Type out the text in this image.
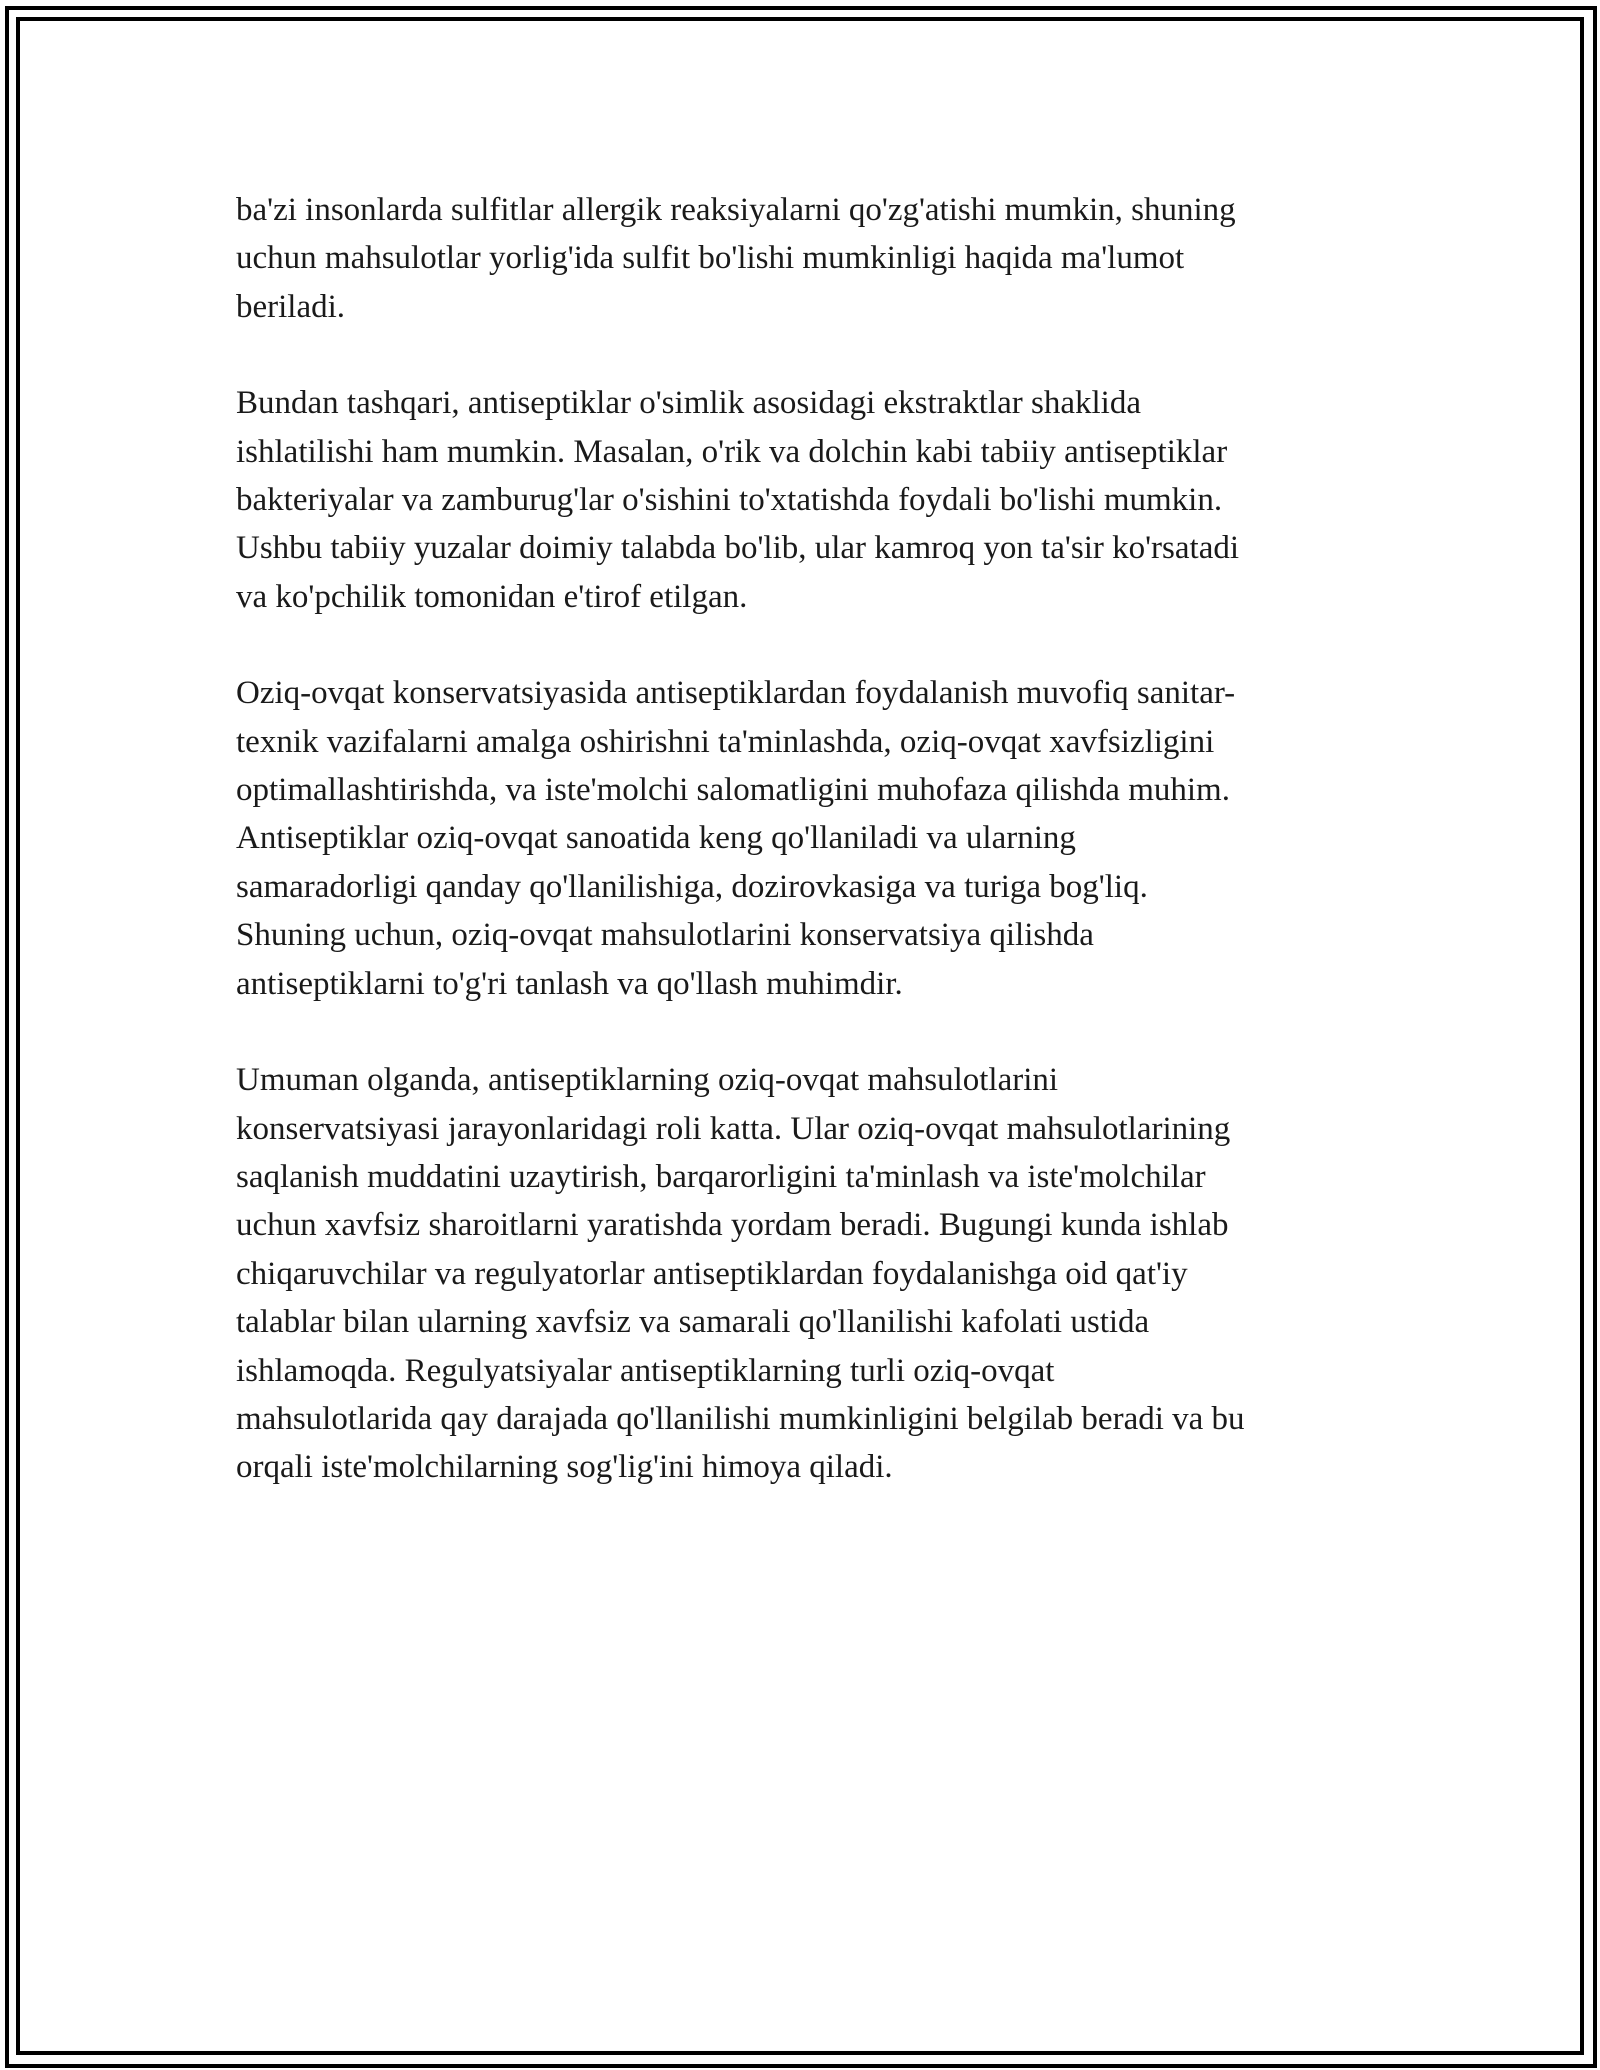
ba'zi insonlarda sulfitlar allergik reaksiyalarni qo'zg'atishi mumkin, shuning
uchun mahsulotlar yorlig'ida sulfit bo'lishi mumkinligi haqida ma'lumot
beriladi.

Bundan tashqari, antiseptiklar o'simlik asosidagi ekstraktlar shaklida
ishlatilishi ham mumkin. Masalan, o'rik va dolchin kabi tabiiy antiseptiklar
bakteriyalar va zamburug'lar o'sishini to'xtatishda foydali bo'lishi mumkin.
Ushbu tabiiy yuzalar doimiy talabda bo'lib, ular kamroq yon ta'sir ko'rsatadi
va ko'pchilik tomonidan e'tirof etilgan.

Oziq-ovqat konservatsiyasida antiseptiklardan foydalanish muvofiq sanitar-
texnik vazifalarni amalga oshirishni ta'minlashda, oziq-ovqat xavfsizligini
optimallashtirishda, va iste'molchi salomatligini muhofaza qilishda muhim.
Antiseptiklar oziq-ovqat sanoatida keng qo'llaniladi va ularning
samaradorligi qanday qo'llanilishiga, dozirovkasiga va turiga bog'liq.
Shuning uchun, oziq-ovqat mahsulotlarini konservatsiya qilishda
antiseptiklarni to'g'ri tanlash va qo'llash muhimdir.

Umuman olganda, antiseptiklarning oziq-ovqat mahsulotlarini
konservatsiyasi jarayonlaridagi roli katta. Ular oziq-ovqat mahsulotlarining
saqlanish muddatini uzaytirish, barqarorligini ta'minlash va iste'molchilar
uchun xavfsiz sharoitlarni yaratishda yordam beradi. Bugungi kunda ishlab
chiqaruvchilar va regulyatorlar antiseptiklardan foydalanishga oid qat'iy
talablar bilan ularning xavfsiz va samarali qo'llanilishi kafolati ustida
ishlamoqda. Regulyatsiyalar antiseptiklarning turli oziq-ovqat
mahsulotlarida qay darajada qo'llanilishi mumkinligini belgilab beradi va bu
orqali iste'molchilarning sog'lig'ini himoya qiladi.
